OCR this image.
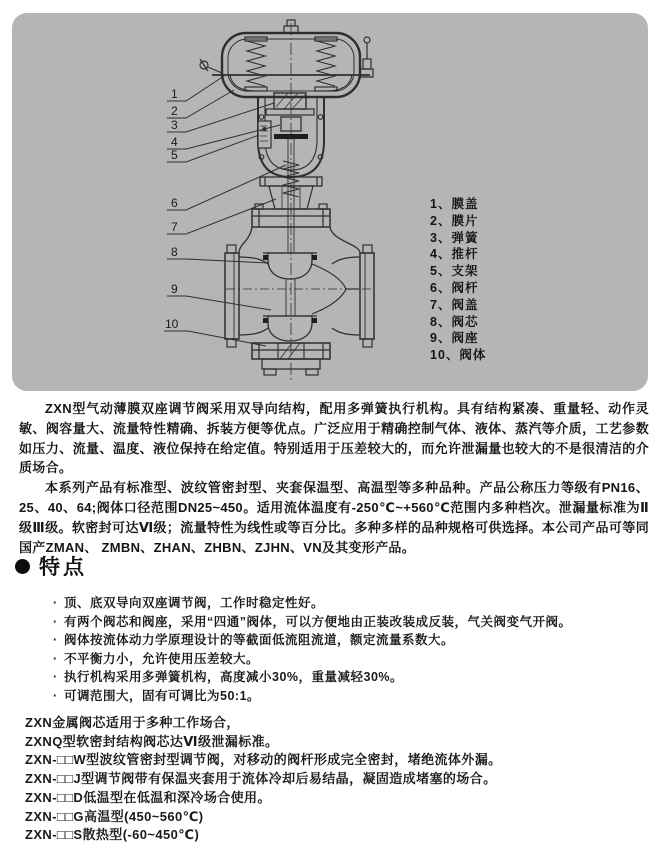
1
2
3
4
5
6
7
8
9
10
1、膜盖
2、膜片
3、弹簧
4、推杆
5、支架
6、阀杆
7、阀盖
8、阀芯
9、阀座
10、阀体

ZXN型气动薄膜双座调节阀采用双导向结构，配用多弹簧执行机构。具有结构紧凑、重量轻、动作灵敏、阀容量大、流量特性精确、拆装方便等优点。广泛应用于精确控制气体、液体、蒸汽等介质，工艺参数如压力、流量、温度、液位保持在给定值。特别适用于压差较大的，而允许泄漏量也较大的不是很清洁的介质场合。

本系列产品有标准型、波纹管密封型、夹套保温型、高温型等多种品种。产品公称压力等级有PN16、25、40、64;阀体口径范围DN25~450。适用流体温度有-250℃~+560℃范围内多种档次。泄漏量标准为Ⅱ级Ⅲ级。软密封可达Ⅵ级；流量特性为线性或等百分比。多种多样的品种规格可供选择。本公司产品可等同国产ZMAN、 ZMBN、ZHAN、ZHBN、ZJHN、VN及其变形产品。

特点
· 顶、底双导向双座调节阀，工作时稳定性好。
· 有两个阀芯和阀座，采用“四通”阀体，可以方便地由正装改装成反装，气关阀变气开阀。
· 阀体按流体动力学原理设计的等截面低流阻流道，额定流量系数大。
· 不平衡力小，允许使用压差较大。
· 执行机构采用多弹簧机构，高度减小30%，重量减轻30%。
· 可调范围大，固有可调比为50:1。
ZXN金属阀芯适用于多种工作场合，
ZXNQ型软密封结构阀芯达Ⅵ级泄漏标准。
ZXN-□□W型波纹管密封型调节阀，对移动的阀杆形成完全密封，堵绝流体外漏。
ZXN-□□J型调节阀带有保温夹套用于流体冷却后易结晶，凝固造成堵塞的场合。
ZXN-□□D低温型在低温和深冷场合使用。
ZXN-□□G高温型(450~560℃)
ZXN-□□S散热型(-60~450℃)
